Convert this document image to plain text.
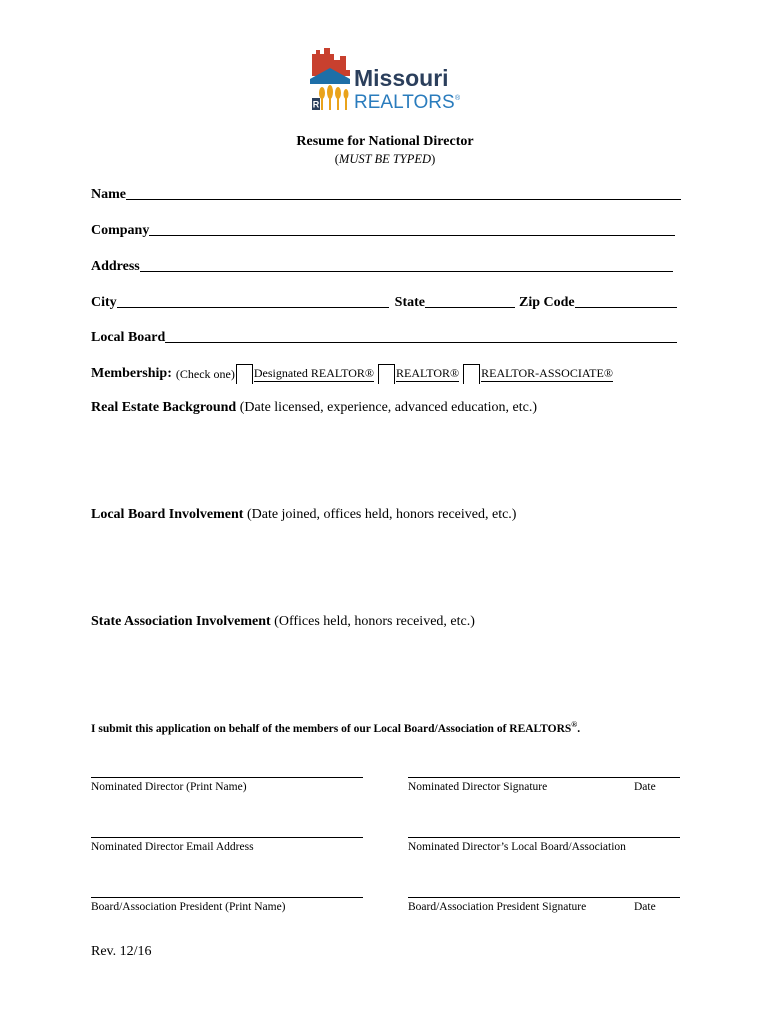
R
Missouri
REALTORS ®
Resume for National Director
(MUST BE TYPED)
Name
Company
Address
City	State	Zip Code
Local Board
Membership: (Check one) Designated REALTOR® REALTOR® REALTOR-ASSOCIATE®
Real Estate Background (Date licensed, experience, advanced education, etc.)
Local Board Involvement (Date joined, offices held, honors received, etc.)
State Association Involvement (Offices held, honors received, etc.)
I submit this application on behalf of the members of our Local Board/Association of REALTORS®.
Nominated Director (Print Name)	Nominated Director Signature	Date
Nominated Director Email Address	Nominated Director’s Local Board/Association
Board/Association President (Print Name)	Board/Association President Signature	Date
Rev. 12/16
